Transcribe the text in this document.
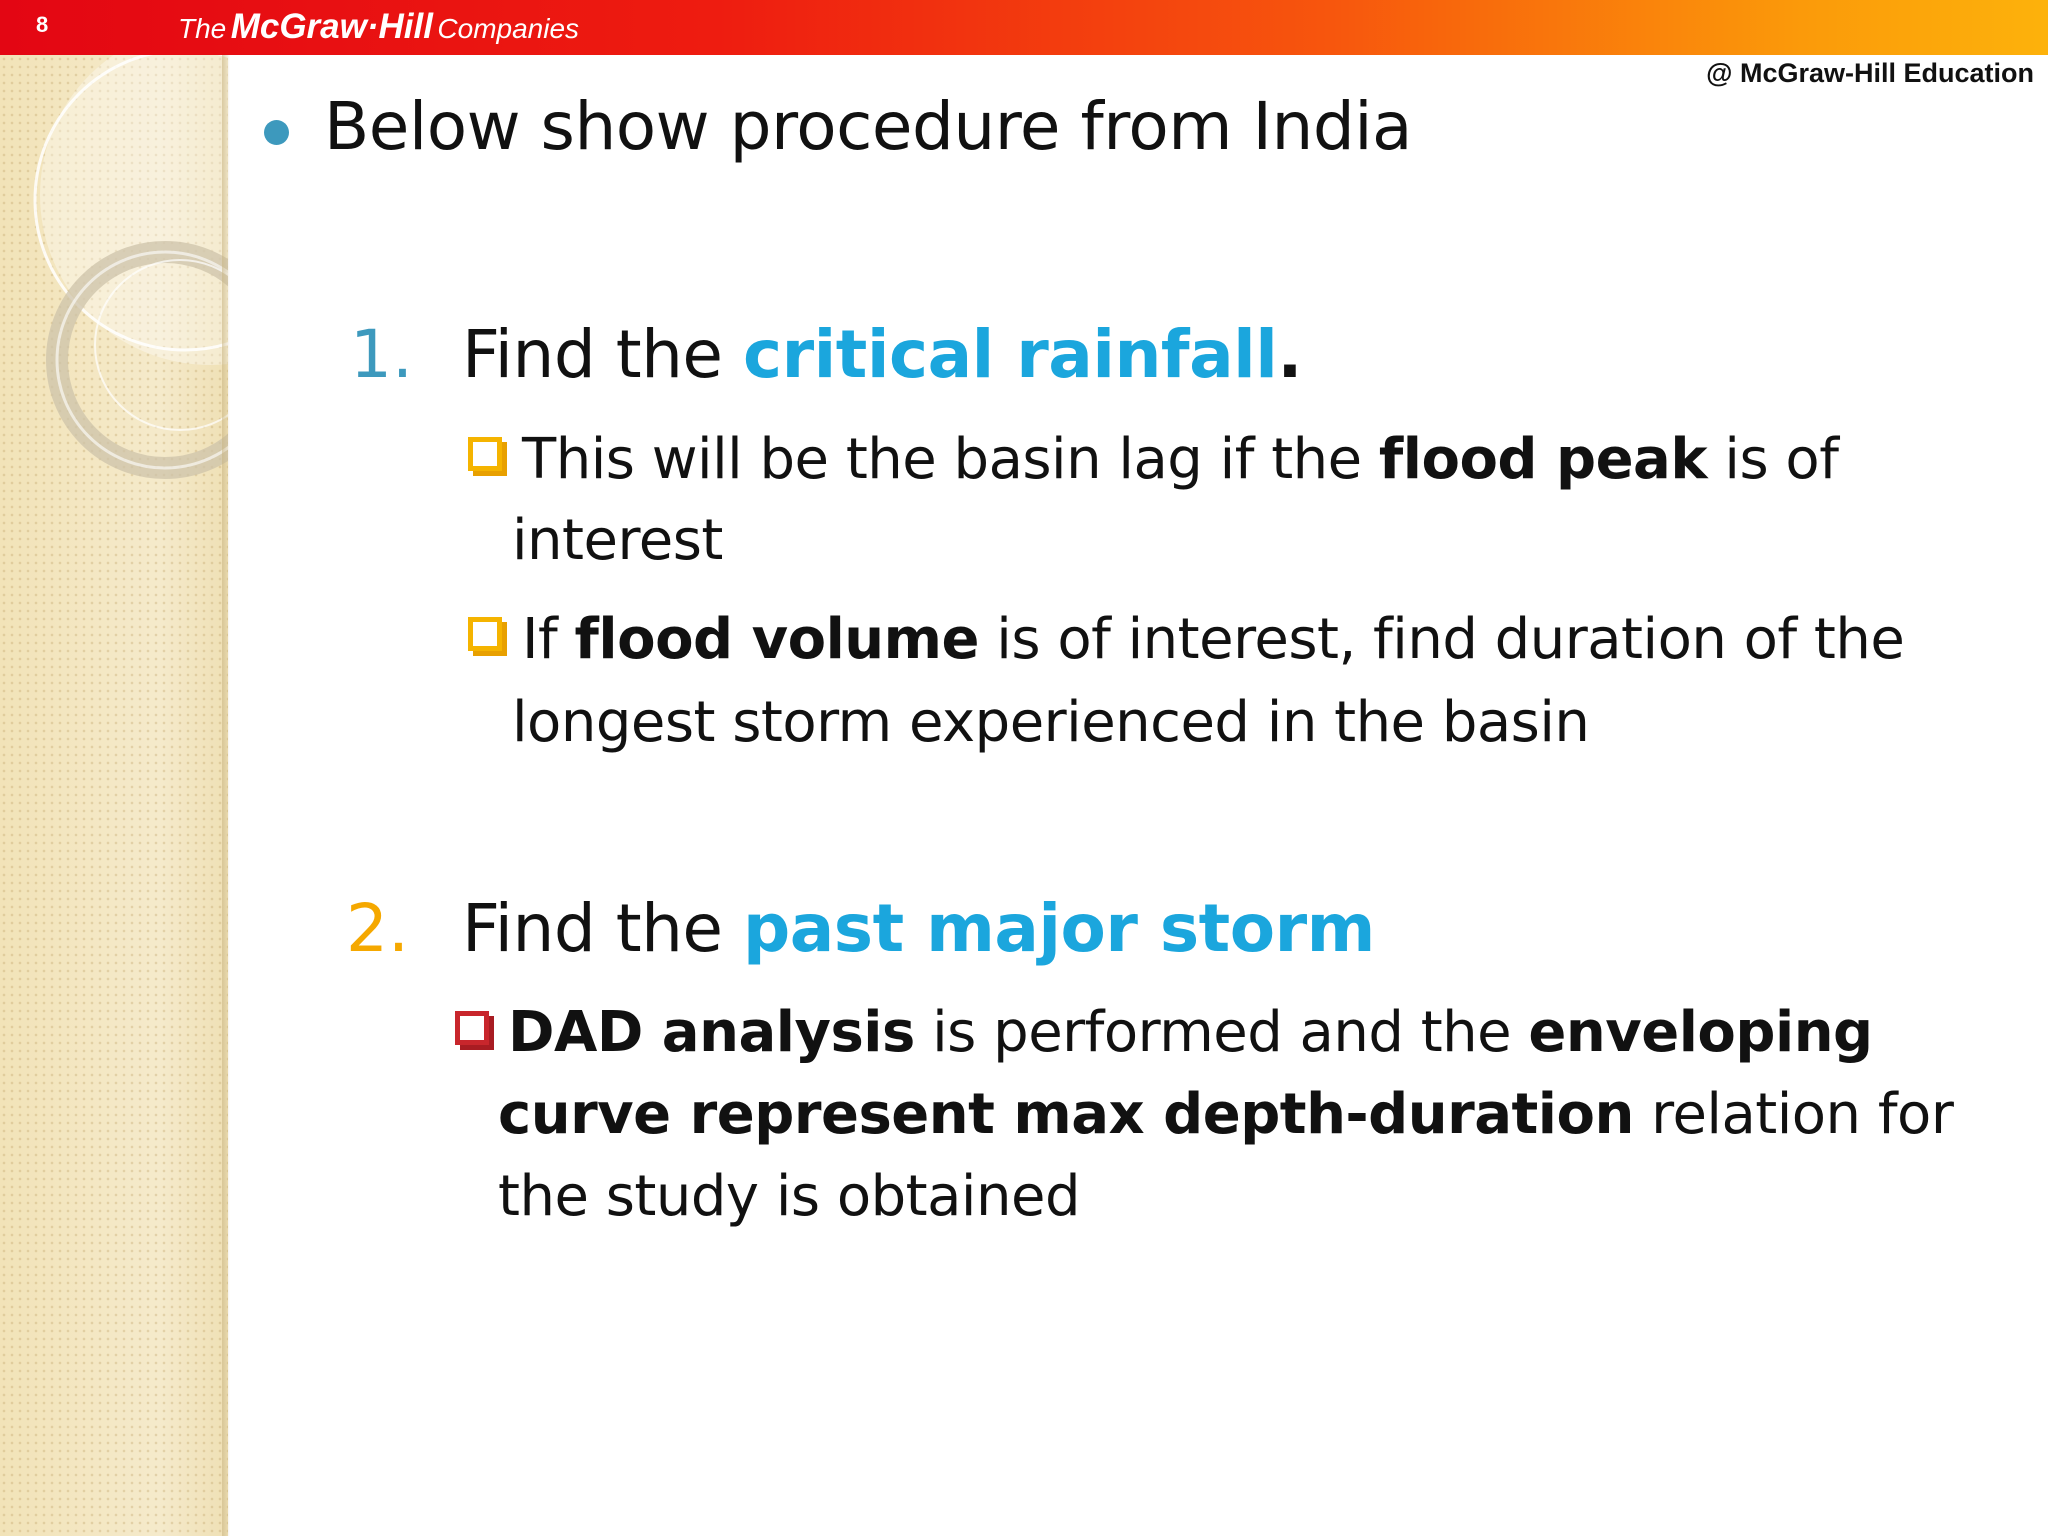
8	The McGraw·Hill Companies
@ McGraw-Hill Education
Below show procedure from India
1. Find the critical rainfall.
This will be the basin lag if the flood peak is of
interest
If flood volume is of interest, find duration of the
longest storm experienced in the basin
2. Find the past major storm
DAD analysis is performed and the enveloping
curve represent max depth-duration relation for
the study is obtained
